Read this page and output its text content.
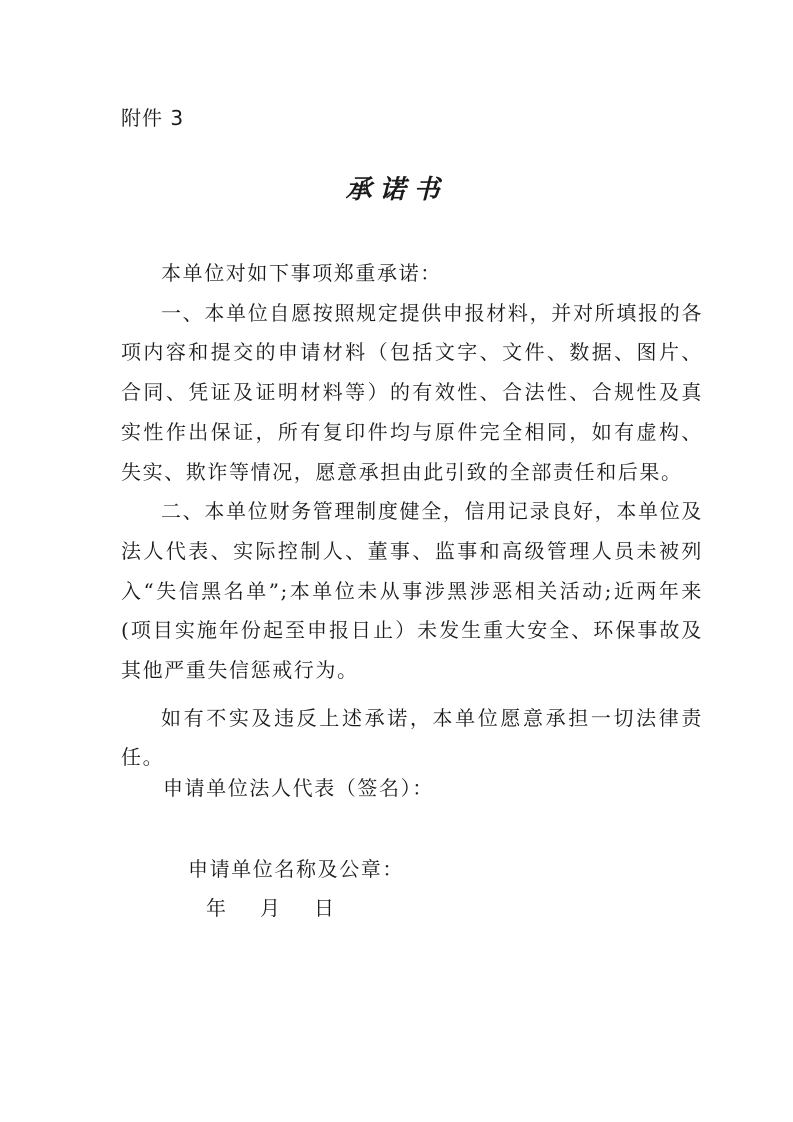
附件 3
承诺书

本单位对如下事项郑重承诺：

一、本单位自愿按照规定提供申报材料，并对所填报的各项内容和提交的申请材料（包括文字、文件、数据、图片、合同、凭证及证明材料等）的有效性、合法性、合规性及真实性作出保证，所有复印件均与原件完全相同，如有虚构、失实、欺诈等情况，愿意承担由此引致的全部责任和后果。

二、本单位财务管理制度健全，信用记录良好，本单位及法人代表、实际控制人、董事、监事和高级管理人员未被列入“失信黑名单”;本单位未从事涉黑涉恶相关活动;近两年来(项目实施年份起至申报日止）未发生重大安全、环保事故及其他严重失信惩戒行为。

如有不实及违反上述承诺，本单位愿意承担一切法律责任。

申请单位法人代表（签名）：
申请单位名称及公章：
年 月 日
